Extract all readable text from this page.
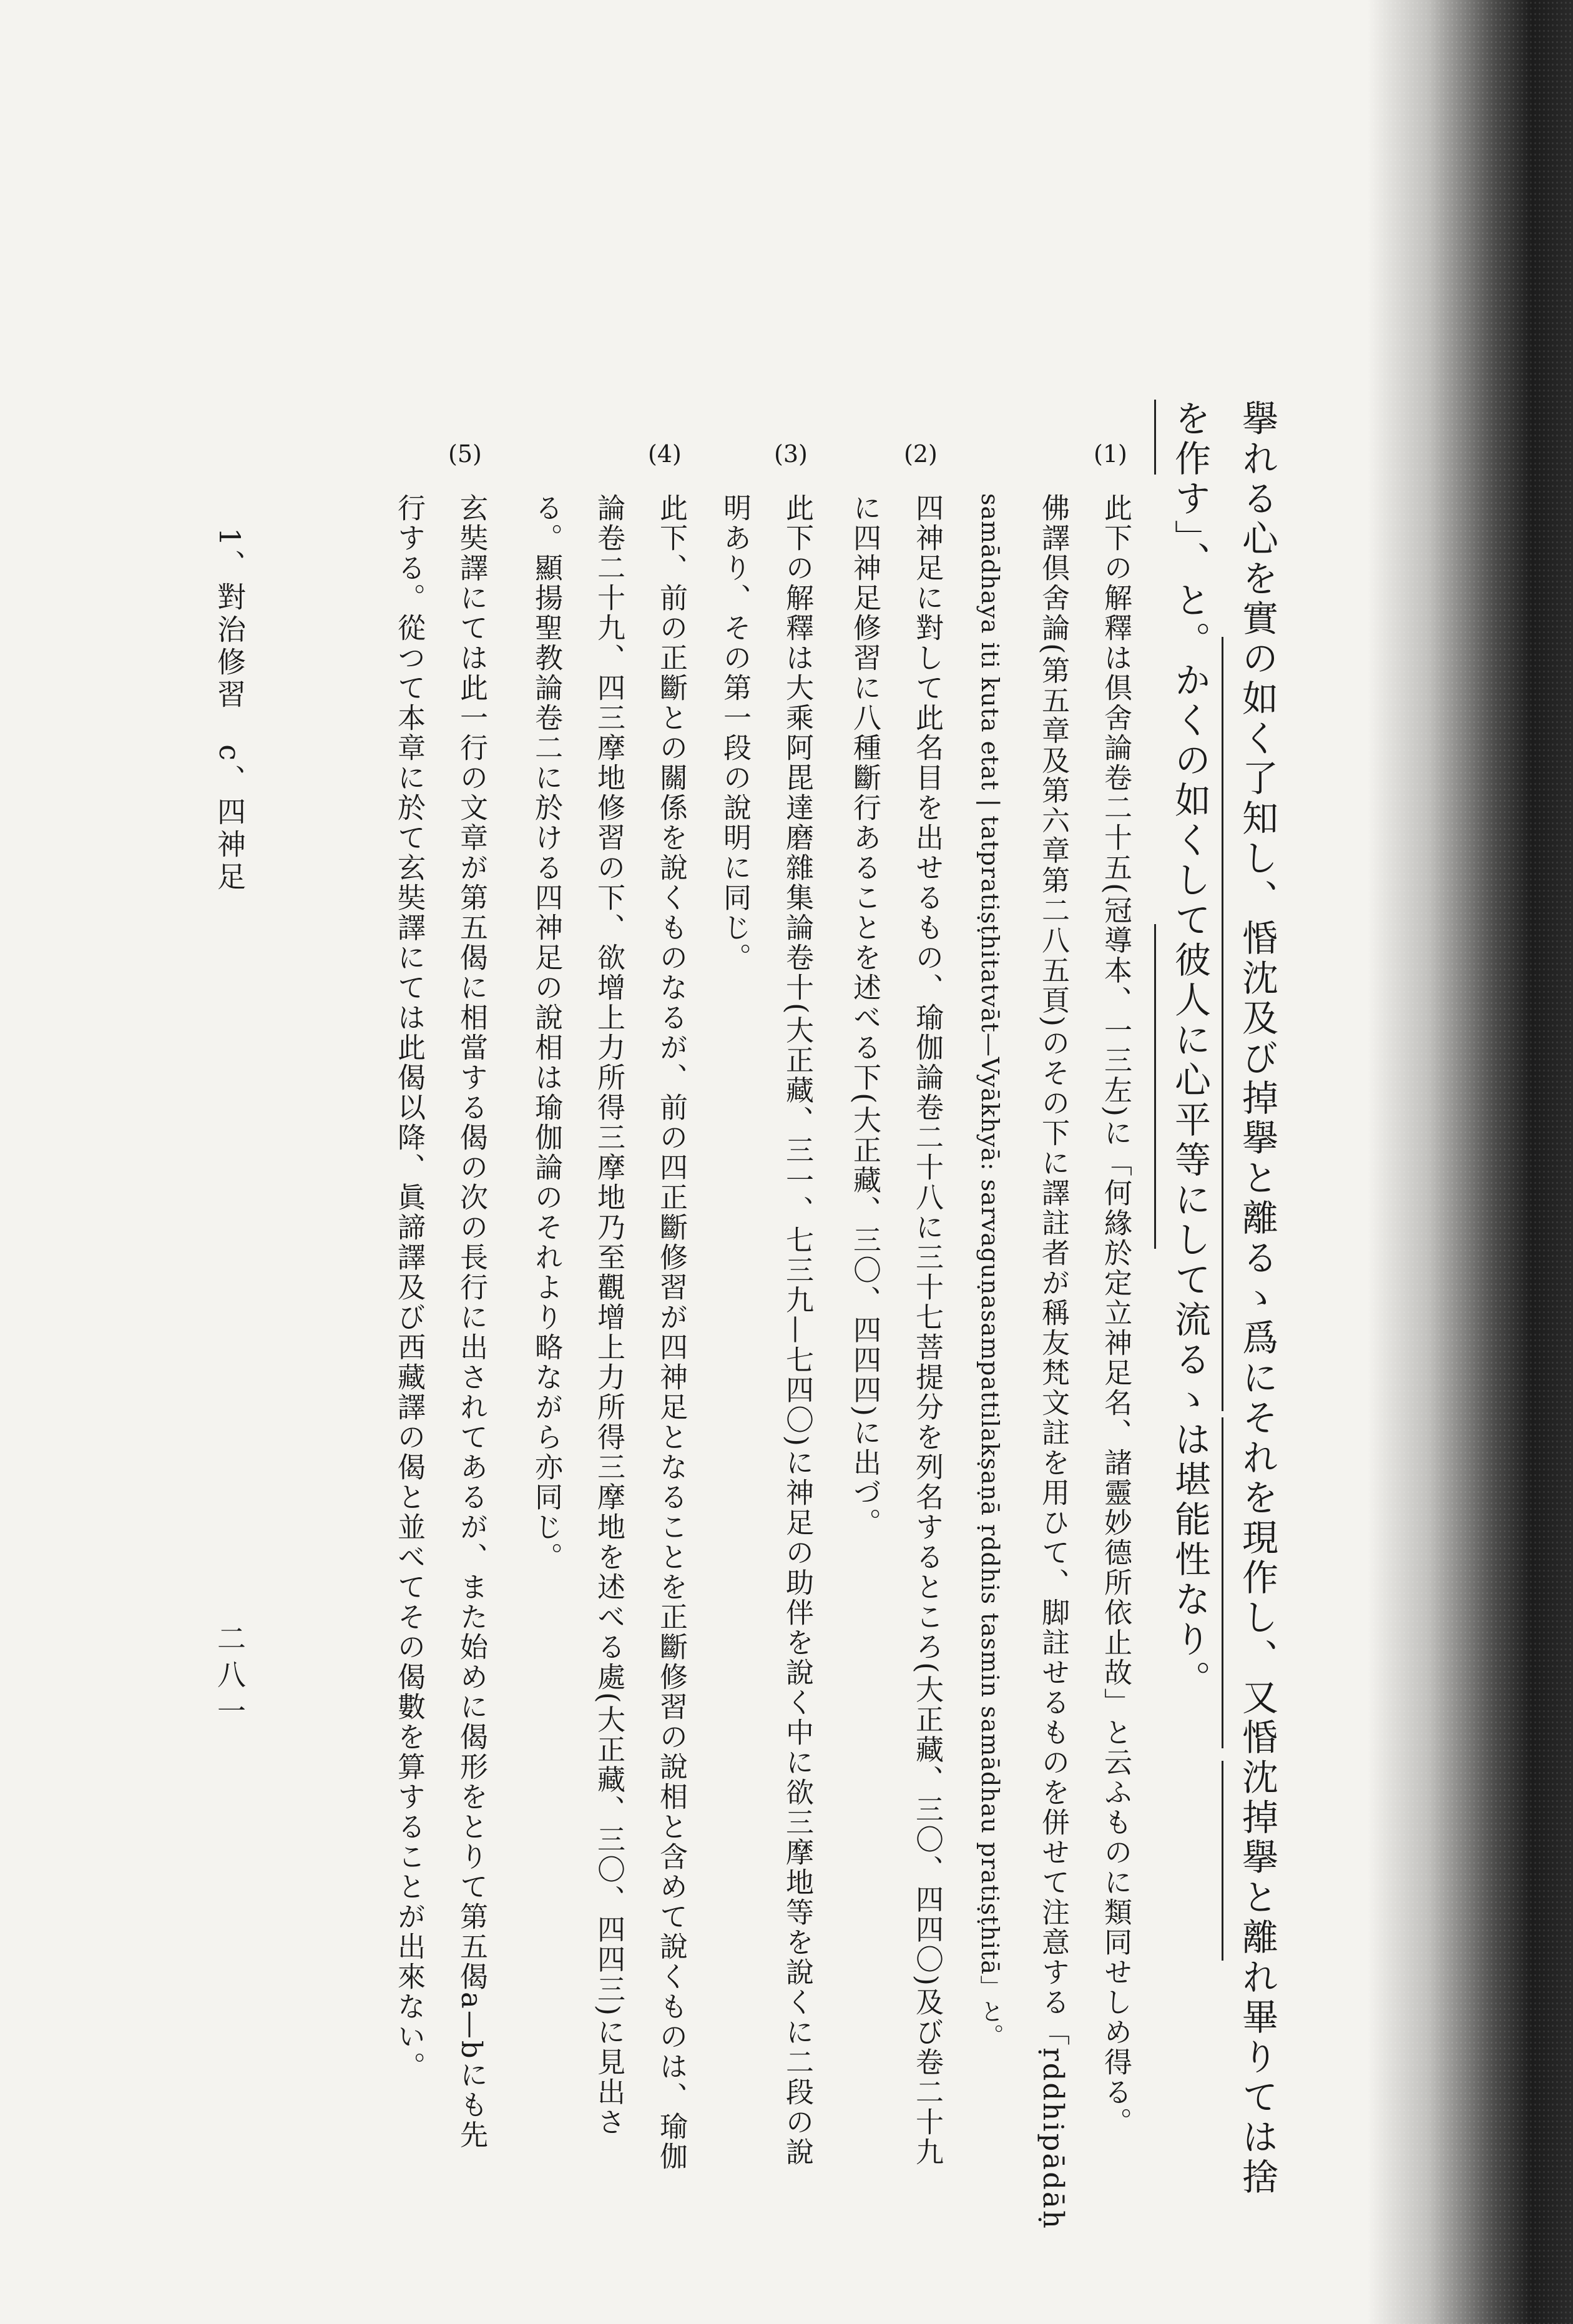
擧れる心を實の如く了知し、惛沈及び掉擧と離るゝ爲にそれを現作し、又惛沈掉擧と離れ畢りては捨
を作す」、と。かくの如くして彼人に心平等にして流るゝは堪能性なり。
(1)
此下の解釋は倶舍論卷二十五(冠導本、一三左)に「何緣於定立神足名、諸靈妙德所依止故」と云ふものに類同せしめ得る。
佛譯倶舍論(第五章及第六章第二八五頁)のその下に譯註者が稱友梵文註を用ひて、脚註せるものを併せて注意する「ṛddhipādāḥ
samādhaya iti kuta etat | tatpratiṣṭhitatvāt—Vyākhyā: sarvaguṇasampattilakṣaṇā ṛddhis tasmin samādhau pratiṣṭhitā」と。
(2)
四神足に對して此名目を出せるもの、瑜伽論卷二十八に三十七菩提分を列名するところ(大正藏、三〇、四四〇)及び卷二十九
に四神足修習に八種斷行あることを述べる下(大正藏、三〇、四四四)に出づ。
(3)
此下の解釋は大乘阿毘達磨雜集論卷十(大正藏、三一、七三九—七四〇)に神足の助伴を說く中に欲三摩地等を說くに二段の說
明あり、その第一段の說明に同じ。
(4)
此下、前の正斷との關係を說くものなるが、前の四正斷修習が四神足となることを正斷修習の說相と含めて說くものは、瑜伽
論卷二十九、四三摩地修習の下、欲增上力所得三摩地乃至觀增上力所得三摩地を述べる處(大正藏、三〇、四四三)に見出さ
る。顯揚聖教論卷二に於ける四神足の說相は瑜伽論のそれより略ながら亦同じ。
(5)
玄奘譯にては此一行の文章が第五偈に相當する偈の次の長行に出されてあるが、また始めに偈形をとりて第五偈a—bにも先
行する。從つて本章に於て玄奘譯にては此偈以降、眞諦譯及び西藏譯の偈と並べてその偈數を算することが出來ない。
1、對治修習　c、四神足
二八一
